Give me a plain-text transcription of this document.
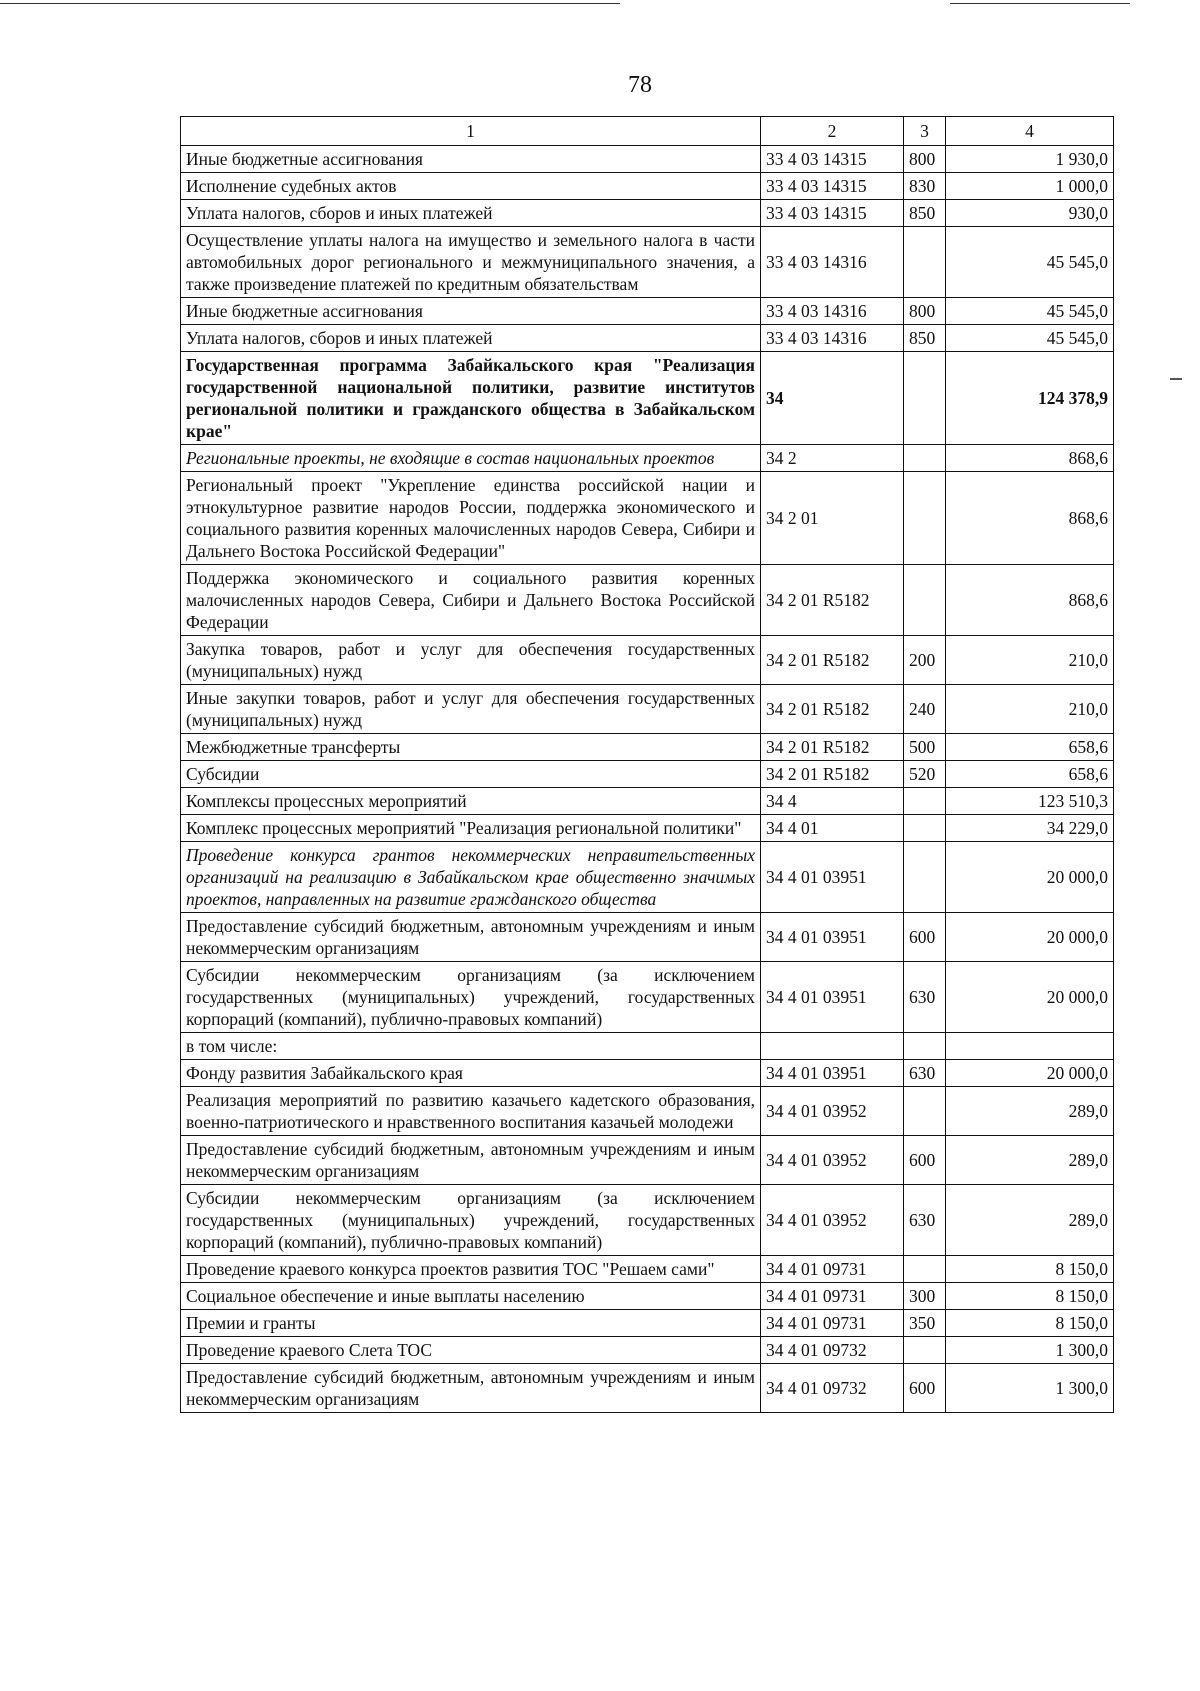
78
1	2	3	4
Иные бюджетные ассигнования	33 4 03 14315	800	1 930,0
Исполнение судебных актов	33 4 03 14315	830	1 000,0
Уплата налогов, сборов и иных платежей	33 4 03 14315	850	930,0
Осуществление уплаты налога на имущество и земельного налога в части автомобильных дорог регионального и межмуниципального значения, а также произведение платежей по кредитным обязательствам	33 4 03 14316		45 545,0
Иные бюджетные ассигнования	33 4 03 14316	800	45 545,0
Уплата налогов, сборов и иных платежей	33 4 03 14316	850	45 545,0
Государственная программа Забайкальского края "Реализация государственной национальной политики, развитие институтов региональной политики и гражданского общества в Забайкальском крае"	34		124 378,9
Региональные проекты, не входящие в состав национальных проектов	34 2		868,6
Региональный проект "Укрепление единства российской нации и этнокультурное развитие народов России, поддержка экономического и социального развития коренных малочисленных народов Севера, Сибири и Дальнего Востока Российской Федерации"	34 2 01		868,6
Поддержка экономического и социального развития коренных малочисленных народов Севера, Сибири и Дальнего Востока Российской Федерации	34 2 01 R5182		868,6
Закупка товаров, работ и услуг для обеспечения государственных (муниципальных) нужд	34 2 01 R5182	200	210,0
Иные закупки товаров, работ и услуг для обеспечения государственных (муниципальных) нужд	34 2 01 R5182	240	210,0
Межбюджетные трансферты	34 2 01 R5182	500	658,6
Субсидии	34 2 01 R5182	520	658,6
Комплексы процессных мероприятий	34 4		123 510,3
Комплекс процессных мероприятий "Реализация региональной политики"	34 4 01		34 229,0
Проведение конкурса грантов некоммерческих неправительственных организаций на реализацию в Забайкальском крае общественно значимых проектов, направленных на развитие гражданского общества	34 4 01 03951		20 000,0
Предоставление субсидий бюджетным, автономным учреждениям и иным некоммерческим организациям	34 4 01 03951	600	20 000,0
Субсидии некоммерческим организациям (за исключением государственных (муниципальных) учреждений, государственных корпораций (компаний), публично-правовых компаний)	34 4 01 03951	630	20 000,0
в том числе:			
Фонду развития Забайкальского края	34 4 01 03951	630	20 000,0
Реализация мероприятий по развитию казачьего кадетского образования, военно-патриотического и нравственного воспитания казачьей молодежи	34 4 01 03952		289,0
Предоставление субсидий бюджетным, автономным учреждениям и иным некоммерческим организациям	34 4 01 03952	600	289,0
Субсидии некоммерческим организациям (за исключением государственных (муниципальных) учреждений, государственных корпораций (компаний), публично-правовых компаний)	34 4 01 03952	630	289,0
Проведение краевого конкурса проектов развития ТОС "Решаем сами"	34 4 01 09731		8 150,0
Социальное обеспечение и иные выплаты населению	34 4 01 09731	300	8 150,0
Премии и гранты	34 4 01 09731	350	8 150,0
Проведение краевого Слета ТОС	34 4 01 09732		1 300,0
Предоставление субсидий бюджетным, автономным учреждениям и иным некоммерческим организациям	34 4 01 09732	600	1 300,0
